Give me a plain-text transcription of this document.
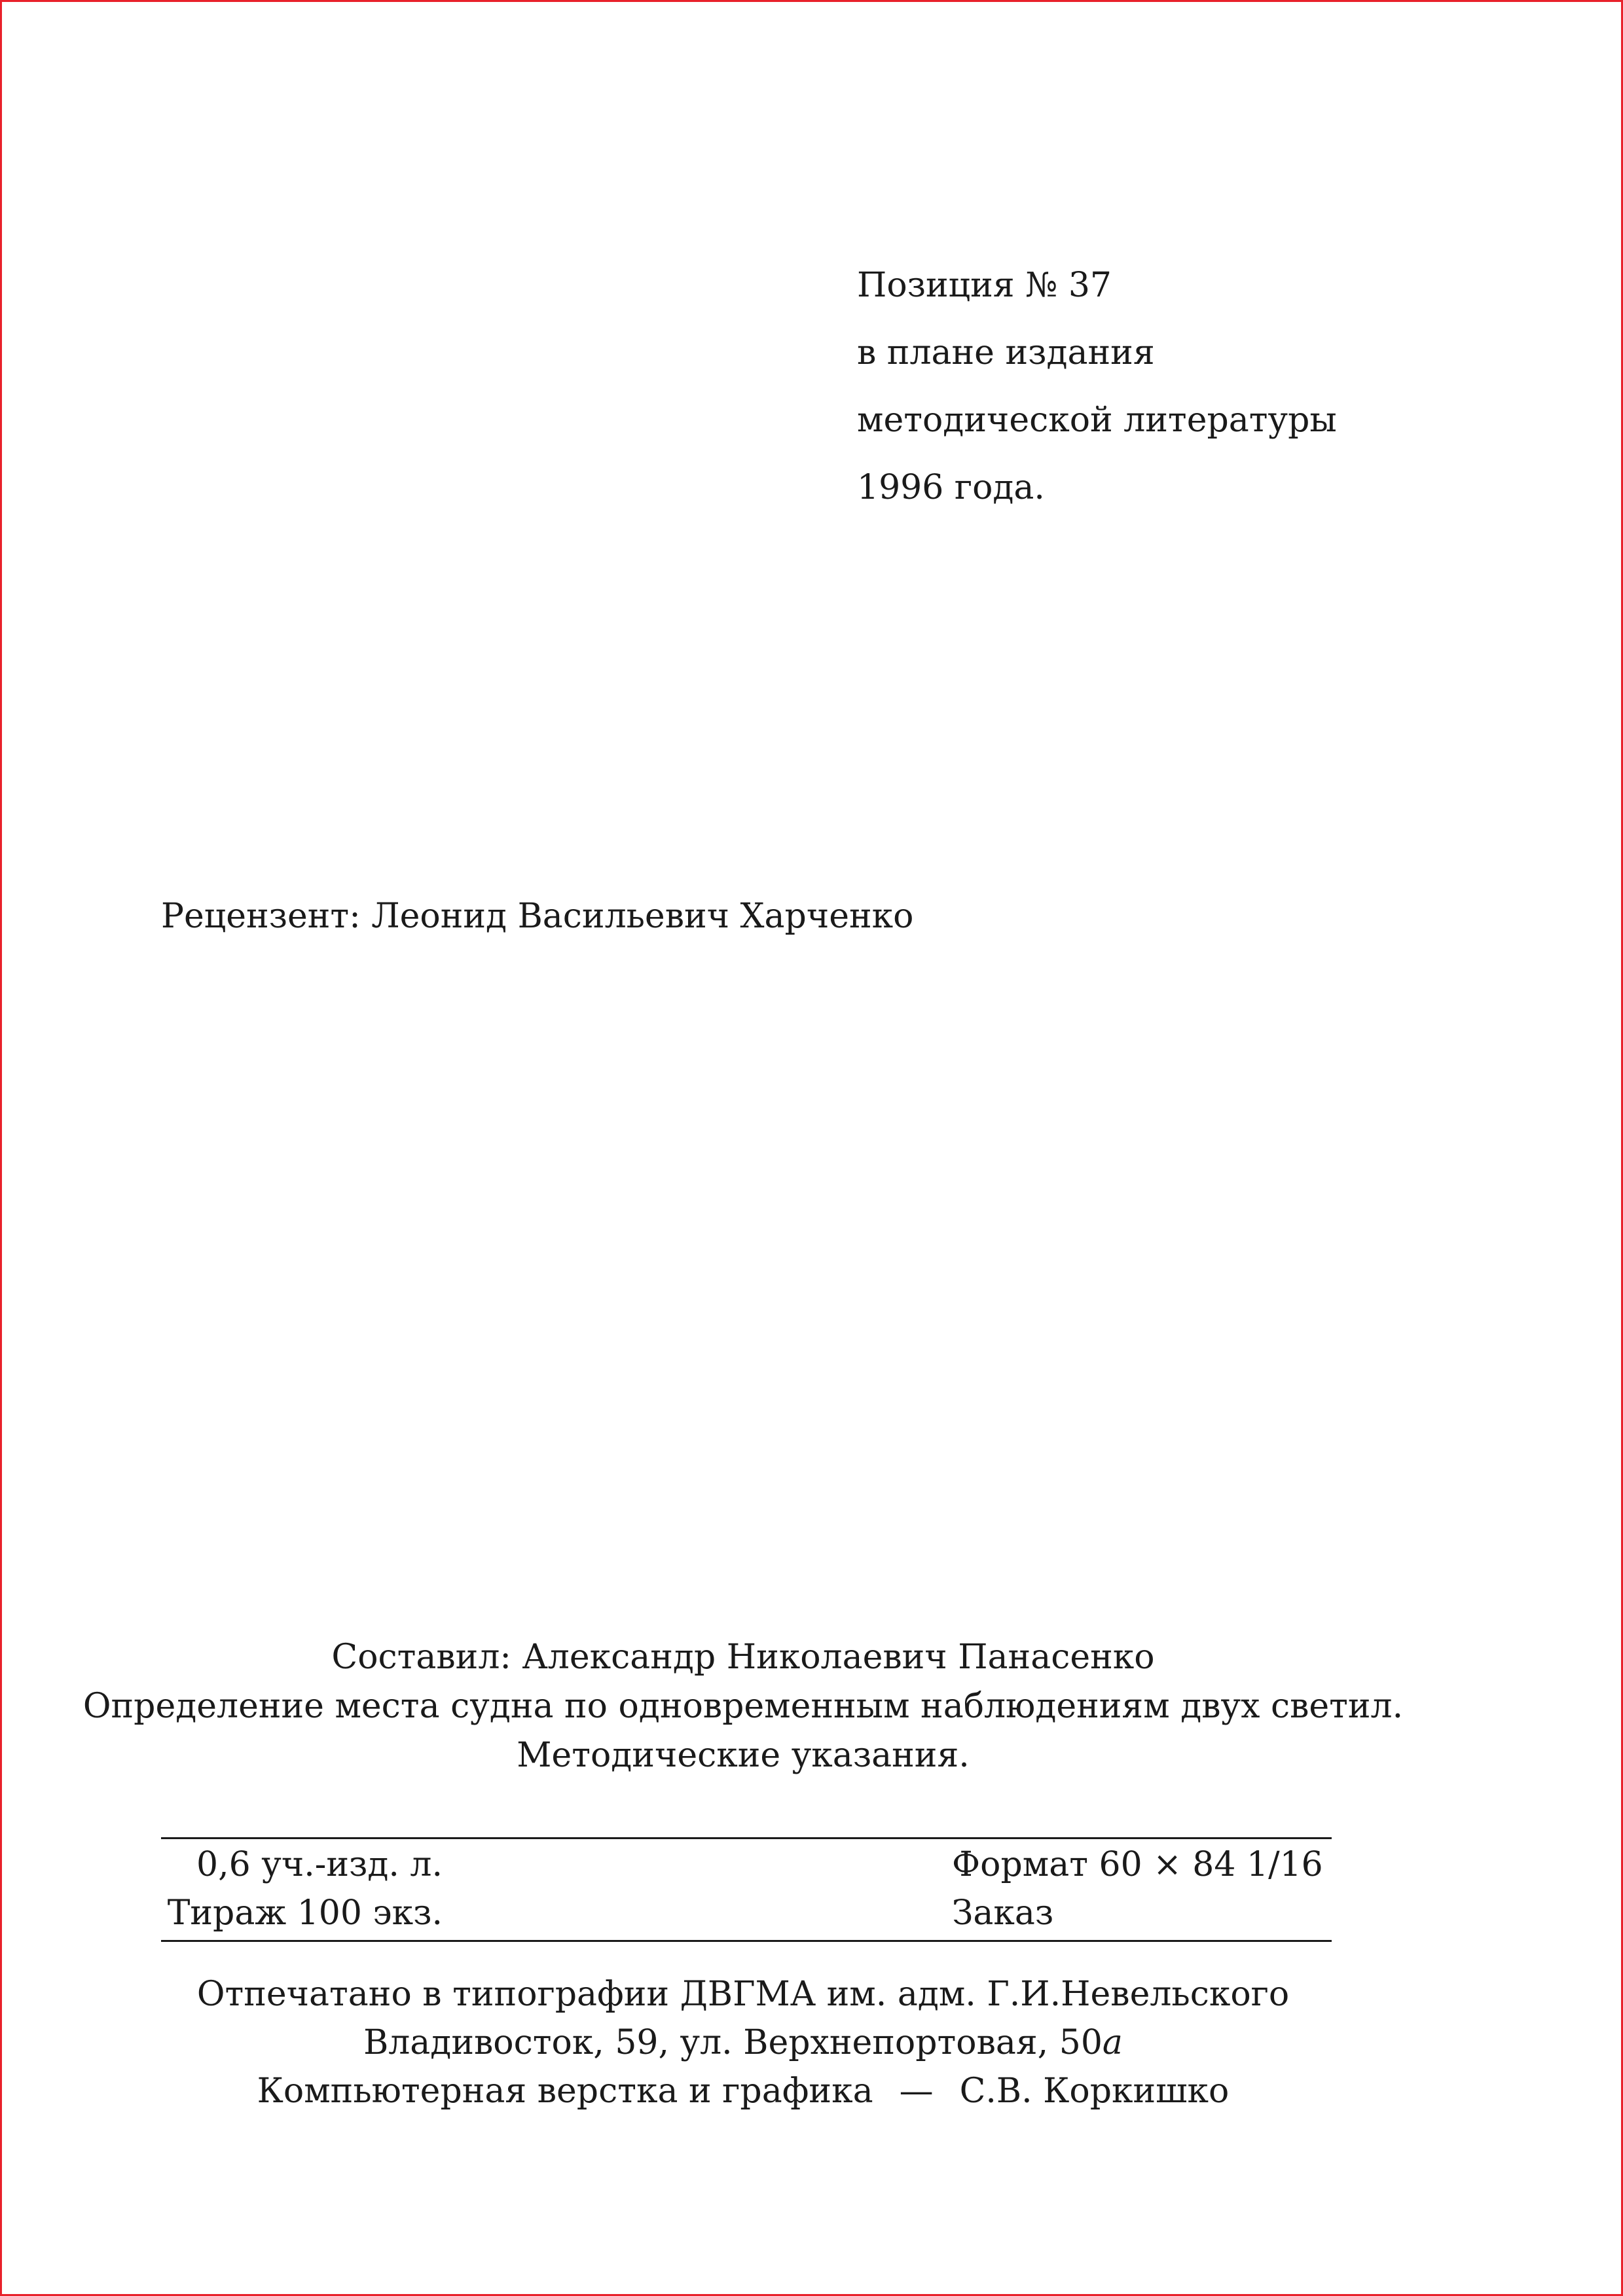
Позиция № 37
в плане издания
методической литературы
1996 года.
Рецензент: Леонид Васильевич Харченко
Составил: Александр Николаевич Панасенко
Определение места судна по одновременным наблюдениям двух светил.
Методические указания.
0,6 уч.-изд. л.	Формат 60 × 84 1/16
Тираж 100 экз.	Заказ
Отпечатано в типографии ДВГМА им. адм. Г.И.Невельского
Владивосток, 59, ул. Верхнепортовая, 50a
Компьютерная верстка и графика — С.В. Коркишко
